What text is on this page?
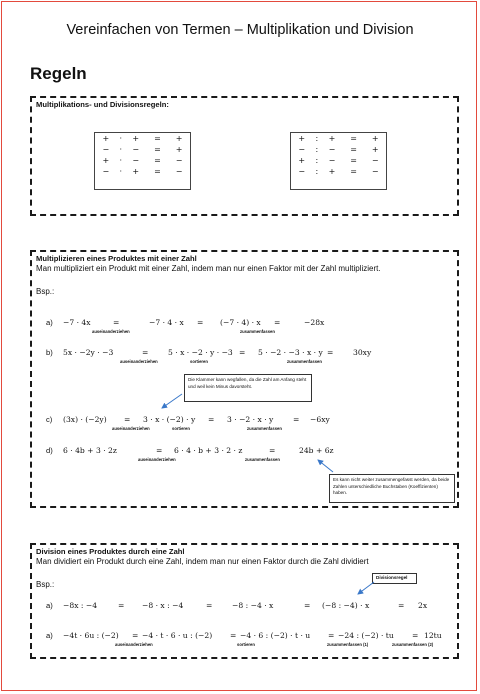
Vereinfachen von Termen – Multiplikation und Division
Regeln
Multiplikations- und Divisionsregeln:
+	·	+	=	+
−	·	−	=	+
+	·	−	=	−
−	·	+	=	−
+	:	+	=	+
−	:	−	=	+
+	:	−	=	−
−	:	+	=	−
Multiplizieren eines Produktes mit einer Zahl
Man multipliziert ein Produkt mit einer Zahl, indem man nur einen Faktor mit der Zahl multipliziert.
Bsp.:
a) −7 · 4x	=	−7 · 4 · x = (−7 · 4) · x =	−28x
auseinanderziehen	zusammenfassen
b) 5x · −2y · −3	=	5 · x · −2 · y · −3 = 5 · −2 · −3 · x · y =	30xy
auseinanderziehen	sortieren	zusammenfassen
Die Klammer kann wegfallen, da die Zahl am Anfang steht und weil kein Minus davorsteht.
c) (3x) · (−2y) = 3 · x · (−2) · y = 3 · −2 · x · y	= −6xy
auseinanderziehen	sortieren	zusammenfassen
d) 6 · 4b + 3 · 2z	= 6 · 4 · b + 3 · 2 · z	=	24b + 6z
auseinanderziehen	zusammenfassen
Es kann nicht weiter zusammengefasst werden, da beide Zahlen unterschiedliche Buchstaben (Koeffizienten) haben.
Division eines Produktes durch eine Zahl
Man dividiert ein Produkt durch eine Zahl, indem man nur einen Faktor durch die Zahl dividiert
Bsp.:
Divisionsregel
a) −8x : −4	= −8 · x : −4	=	−8 : −4 · x	= (−8 : −4) · x	= 2x
a) −4t · 6u : (−2) = −4 · t · 6 · u : (−2) = −4 · 6 : (−2) · t · u = −24 : (−2) · tu = 12tu
auseinanderziehen	sortieren	zusammenfassen (1)	zusammenfassen (2)
